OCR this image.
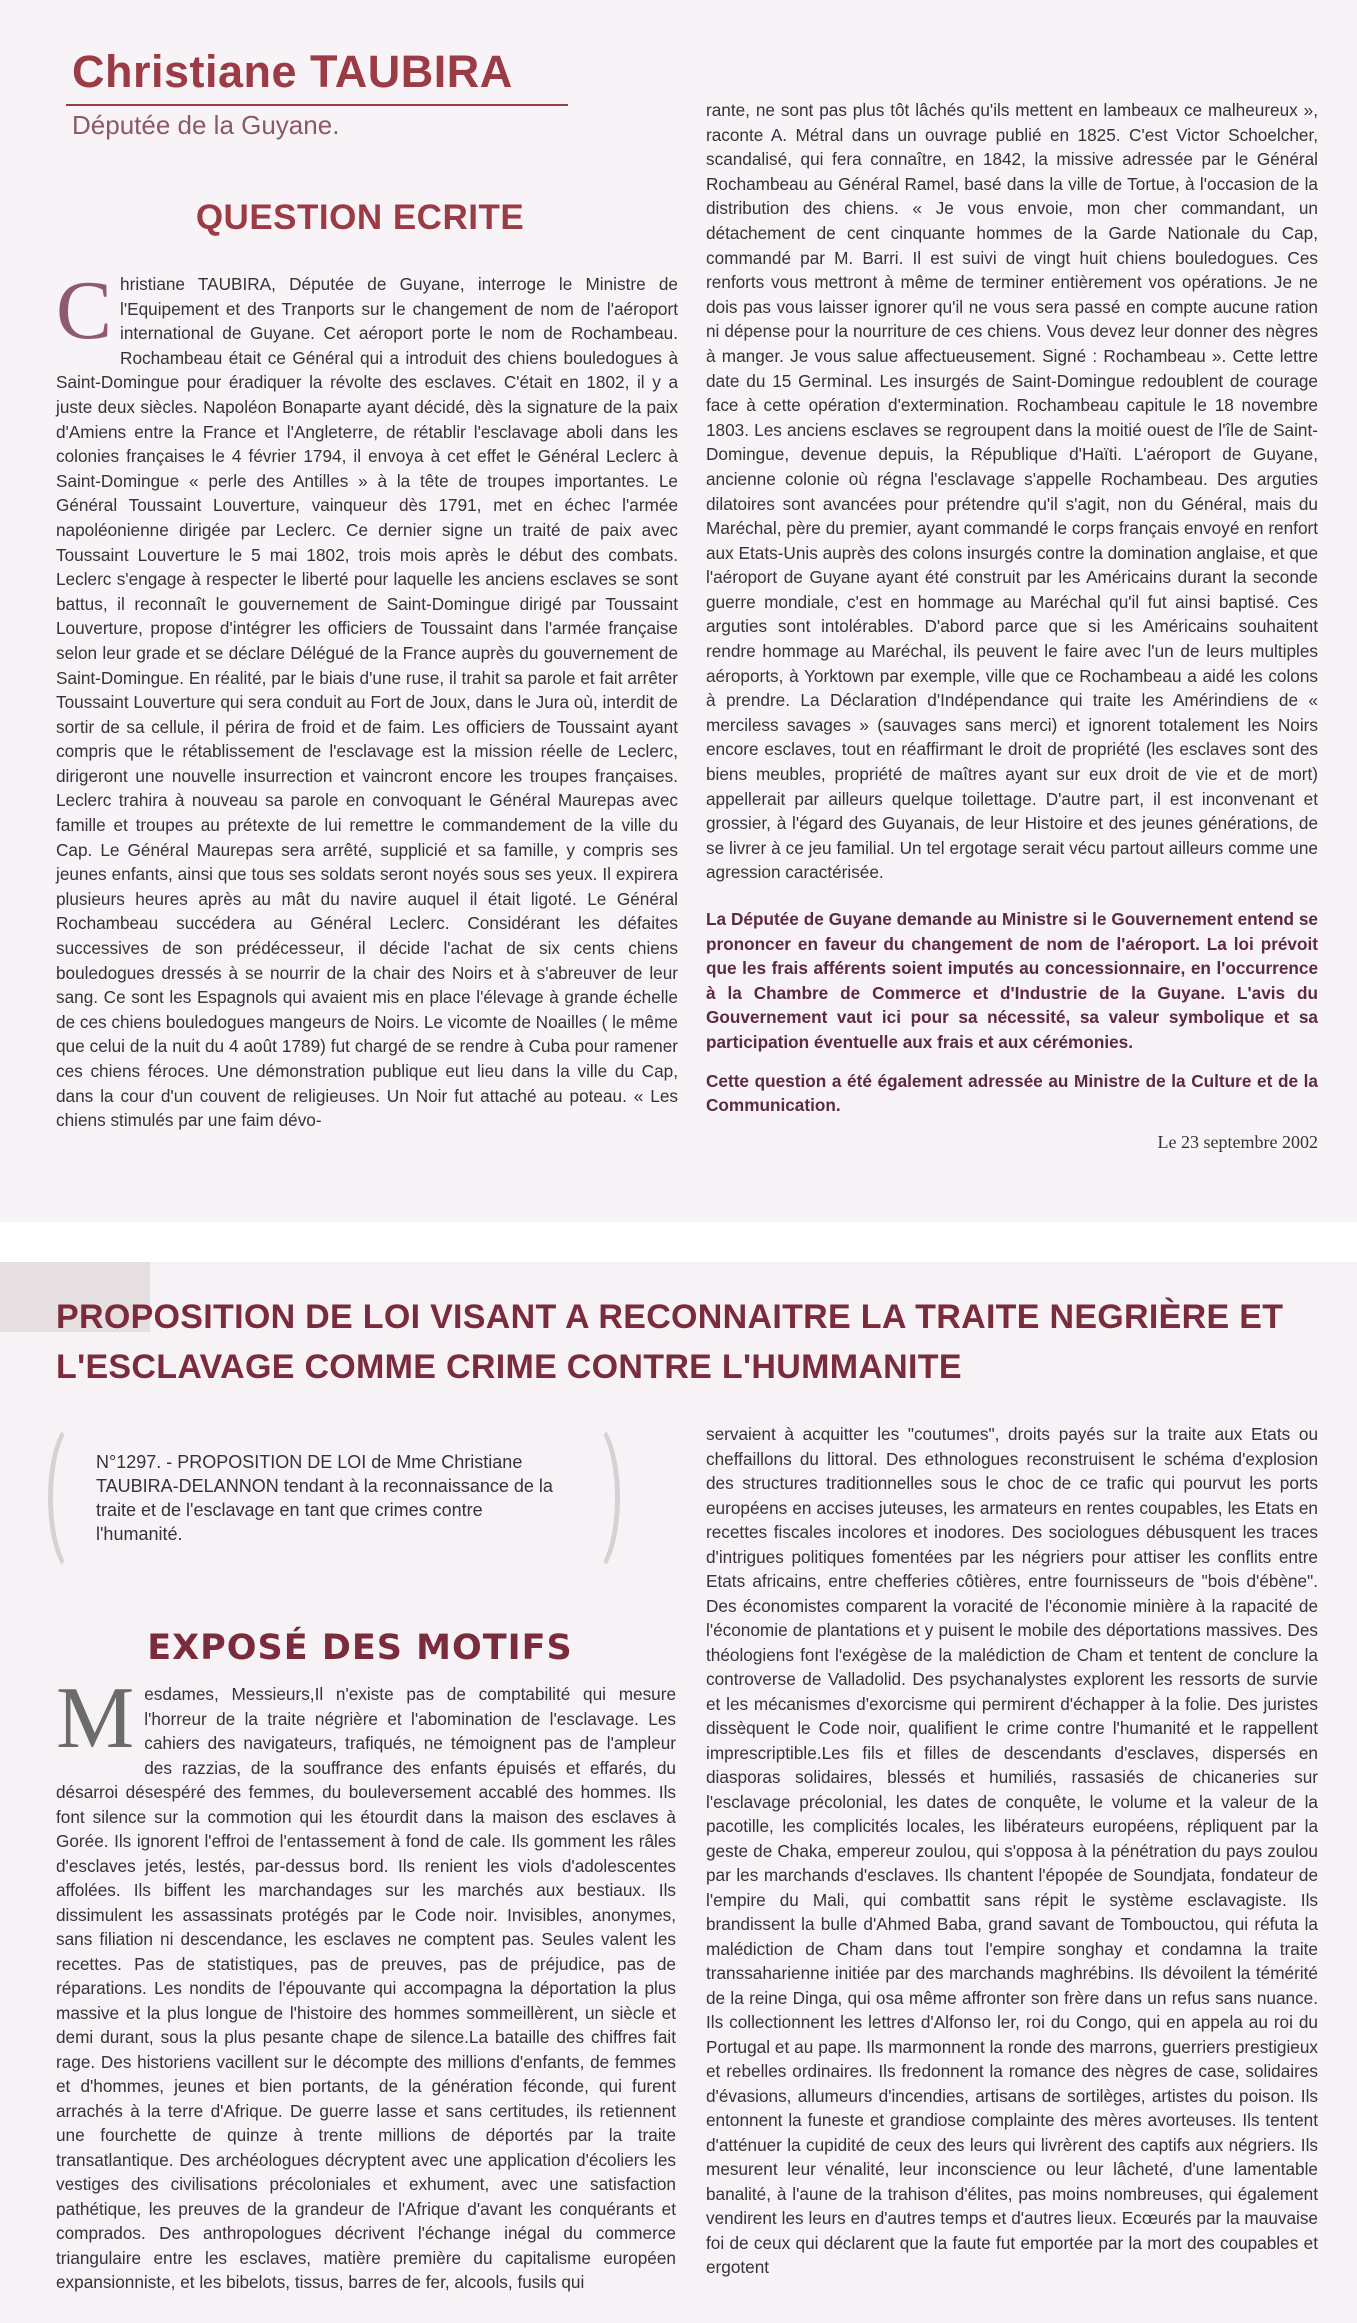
Christiane TAUBIRA

Députée de la Guyane.

QUESTION ECRITE

Christiane TAUBIRA, Députée de Guyane, interroge le Ministre de l'Equipement et des Tranports sur le changement de nom de l'aéroport international de Guyane. Cet aéroport porte le nom de Rochambeau. Rochambeau était ce Général qui a introduit des chiens bouledogues à Saint-Domingue pour éradiquer la révolte des esclaves. C'était en 1802, il y a juste deux siècles. Napoléon Bonaparte ayant décidé, dès la signature de la paix d'Amiens entre la France et l'Angleterre, de rétablir l'esclavage aboli dans les colonies françaises le 4 février 1794, il envoya à cet effet le Général Leclerc à Saint-Domingue « perle des Antilles » à la tête de troupes importantes. Le Général Toussaint Louverture, vainqueur dès 1791, met en échec l'armée napoléonienne dirigée par Leclerc. Ce dernier signe un traité de paix avec Toussaint Louverture le 5 mai 1802, trois mois après le début des combats. Leclerc s'engage à respecter le liberté pour laquelle les anciens esclaves se sont battus, il reconnaît le gouvernement de Saint-Domingue dirigé par Toussaint Louverture, propose d'intégrer les officiers de Toussaint dans l'armée française selon leur grade et se déclare Délégué de la France auprès du gouvernement de Saint-Domingue. En réalité, par le biais d'une ruse, il trahit sa parole et fait arrêter Toussaint Louverture qui sera conduit au Fort de Joux, dans le Jura où, interdit de sortir de sa cellule, il périra de froid et de faim. Les officiers de Toussaint ayant compris que le rétablissement de l'esclavage est la mission réelle de Leclerc, dirigeront une nouvelle insurrection et vaincront encore les troupes françaises. Leclerc trahira à nouveau sa parole en convoquant le Général Maurepas avec famille et troupes au prétexte de lui remettre le commandement de la ville du Cap. Le Général Maurepas sera arrêté, supplicié et sa famille, y compris ses jeunes enfants, ainsi que tous ses soldats seront noyés sous ses yeux. Il expirera plusieurs heures après au mât du navire auquel il était ligoté. Le Général Rochambeau succédera au Général Leclerc. Considérant les défaites successives de son prédécesseur, il décide l'achat de six cents chiens bouledogues dressés à se nourrir de la chair des Noirs et à s'abreuver de leur sang. Ce sont les Espagnols qui avaient mis en place l'élevage à grande échelle de ces chiens bouledogues mangeurs de Noirs. Le vicomte de Noailles ( le même que celui de la nuit du 4 août 1789) fut chargé de se rendre à Cuba pour ramener ces chiens féroces. Une démonstration publique eut lieu dans la ville du Cap, dans la cour d'un couvent de religieuses. Un Noir fut attaché au poteau. « Les chiens stimulés par une faim dévo-

rante, ne sont pas plus tôt lâchés qu'ils mettent en lambeaux ce malheureux », raconte A. Métral dans un ouvrage publié en 1825. C'est Victor Schoelcher, scandalisé, qui fera connaître, en 1842, la missive adressée par le Général Rochambeau au Général Ramel, basé dans la ville de Tortue, à l'occasion de la distribution des chiens. « Je vous envoie, mon cher commandant, un détachement de cent cinquante hommes de la Garde Nationale du Cap, commandé par M. Barri. Il est suivi de vingt huit chiens bouledogues. Ces renforts vous mettront à même de terminer entièrement vos opérations. Je ne dois pas vous laisser ignorer qu'il ne vous sera passé en compte aucune ration ni dépense pour la nourriture de ces chiens. Vous devez leur donner des nègres à manger. Je vous salue affectueusement. Signé : Rochambeau ». Cette lettre date du 15 Germinal. Les insurgés de Saint-Domingue redoublent de courage face à cette opération d'extermination. Rochambeau capitule le 18 novembre 1803. Les anciens esclaves se regroupent dans la moitié ouest de l'île de Saint-Domingue, devenue depuis, la République d'Haïti. L'aéroport de Guyane, ancienne colonie où régna l'esclavage s'appelle Rochambeau. Des arguties dilatoires sont avancées pour prétendre qu'il s'agit, non du Général, mais du Maréchal, père du premier, ayant commandé le corps français envoyé en renfort aux Etats-Unis auprès des colons insurgés contre la domination anglaise, et que l'aéroport de Guyane ayant été construit par les Américains durant la seconde guerre mondiale, c'est en hommage au Maréchal qu'il fut ainsi baptisé. Ces arguties sont intolérables. D'abord parce que si les Américains souhaitent rendre hommage au Maréchal, ils peuvent le faire avec l'un de leurs multiples aéroports, à Yorktown par exemple, ville que ce Rochambeau a aidé les colons à prendre. La Déclaration d'Indépendance qui traite les Amérindiens de « merciless savages » (sauvages sans merci) et ignorent totalement les Noirs encore esclaves, tout en réaffirmant le droit de propriété (les esclaves sont des biens meubles, propriété de maîtres ayant sur eux droit de vie et de mort) appellerait par ailleurs quelque toilettage. D'autre part, il est inconvenant et grossier, à l'égard des Guyanais, de leur Histoire et des jeunes générations, de se livrer à ce jeu familial. Un tel ergotage serait vécu partout ailleurs comme une agression caractérisée.

La Députée de Guyane demande au Ministre si le Gouvernement entend se prononcer en faveur du changement de nom de l'aéroport. La loi prévoit que les frais afférents soient imputés au concessionnaire, en l'occurrence à la Chambre de Commerce et d'Industrie de la Guyane. L'avis du Gouvernement vaut ici pour sa nécessité, sa valeur symbolique et sa participation éventuelle aux frais et aux cérémonies.

Cette question a été également adressée au Ministre de la Culture et de la Communication.

Le 23 septembre 2002

PROPOSITION DE LOI VISANT A RECONNAITRE LA TRAITE NEGRIÈRE ET L'ESCLAVAGE COMME CRIME CONTRE L'HUMMANITE

N°1297. - PROPOSITION DE LOI de Mme Christiane TAUBIRA-DELANNON tendant à la reconnaissance de la traite et de l'esclavage en tant que crimes contre l'humanité.

EXPOSÉ DES MOTIFS

Mesdames, Messieurs,Il n'existe pas de comptabilité qui mesure l'horreur de la traite négrière et l'abomination de l'esclavage. Les cahiers des navigateurs, trafiqués, ne témoignent pas de l'ampleur des razzias, de la souffrance des enfants épuisés et effarés, du désarroi désespéré des femmes, du bouleversement accablé des hommes. Ils font silence sur la commotion qui les étourdit dans la maison des esclaves à Gorée. Ils ignorent l'effroi de l'entassement à fond de cale. Ils gomment les râles d'esclaves jetés, lestés, par-dessus bord. Ils renient les viols d'adolescentes affolées. Ils biffent les marchandages sur les marchés aux bestiaux. Ils dissimulent les assassinats protégés par le Code noir. Invisibles, anonymes, sans filiation ni descendance, les esclaves ne comptent pas. Seules valent les recettes. Pas de statistiques, pas de preuves, pas de préjudice, pas de réparations. Les nondits de l'épouvante qui accompagna la déportation la plus massive et la plus longue de l'histoire des hommes sommeillèrent, un siècle et demi durant, sous la plus pesante chape de silence.La bataille des chiffres fait rage. Des historiens vacillent sur le décompte des millions d'enfants, de femmes et d'hommes, jeunes et bien portants, de la génération féconde, qui furent arrachés à la terre d'Afrique. De guerre lasse et sans certitudes, ils retiennent une fourchette de quinze à trente millions de déportés par la traite transatlantique. Des archéologues décryptent avec une application d'écoliers les vestiges des civilisations précoloniales et exhument, avec une satisfaction pathétique, les preuves de la grandeur de l'Afrique d'avant les conquérants et comprados. Des anthropologues décrivent l'échange inégal du commerce triangulaire entre les esclaves, matière première du capitalisme européen expansionniste, et les bibelots, tissus, barres de fer, alcools, fusils qui

servaient à acquitter les "coutumes", droits payés sur la traite aux Etats ou cheffaillons du littoral. Des ethnologues reconstruisent le schéma d'explosion des structures traditionnelles sous le choc de ce trafic qui pourvut les ports européens en accises juteuses, les armateurs en rentes coupables, les Etats en recettes fiscales incolores et inodores. Des sociologues débusquent les traces d'intrigues politiques fomentées par les négriers pour attiser les conflits entre Etats africains, entre chefferies côtières, entre fournisseurs de "bois d'ébène". Des économistes comparent la voracité de l'économie minière à la rapacité de l'économie de plantations et y puisent le mobile des déportations massives. Des théologiens font l'exégèse de la malédiction de Cham et tentent de conclure la controverse de Valladolid. Des psychanalystes explorent les ressorts de survie et les mécanismes d'exorcisme qui permirent d'échapper à la folie. Des juristes dissèquent le Code noir, qualifient le crime contre l'humanité et le rappellent imprescriptible.Les fils et filles de descendants d'esclaves, dispersés en diasporas solidaires, blessés et humiliés, rassasiés de chicaneries sur l'esclavage précolonial, les dates de conquête, le volume et la valeur de la pacotille, les complicités locales, les libérateurs européens, répliquent par la geste de Chaka, empereur zoulou, qui s'opposa à la pénétration du pays zoulou par les marchands d'esclaves. Ils chantent l'épopée de Soundjata, fondateur de l'empire du Mali, qui combattit sans répit le système esclavagiste. Ils brandissent la bulle d'Ahmed Baba, grand savant de Tombouctou, qui réfuta la malédiction de Cham dans tout l'empire songhay et condamna la traite transsaharienne initiée par des marchands maghrébins. Ils dévoilent la témérité de la reine Dinga, qui osa même affronter son frère dans un refus sans nuance. Ils collectionnent les lettres d'Alfonso ler, roi du Congo, qui en appela au roi du Portugal et au pape. Ils marmonnent la ronde des marrons, guerriers prestigieux et rebelles ordinaires. Ils fredonnent la romance des nègres de case, solidaires d'évasions, allumeurs d'incendies, artisans de sortilèges, artistes du poison. Ils entonnent la funeste et grandiose complainte des mères avorteuses. Ils tentent d'atténuer la cupidité de ceux des leurs qui livrèrent des captifs aux négriers. Ils mesurent leur vénalité, leur inconscience ou leur lâcheté, d'une lamentable banalité, à l'aune de la trahison d'élites, pas moins nombreuses, qui également vendirent les leurs en d'autres temps et d'autres lieux. Ecœurés par la mauvaise foi de ceux qui déclarent que la faute fut emportée par la mort des coupables et ergotent
